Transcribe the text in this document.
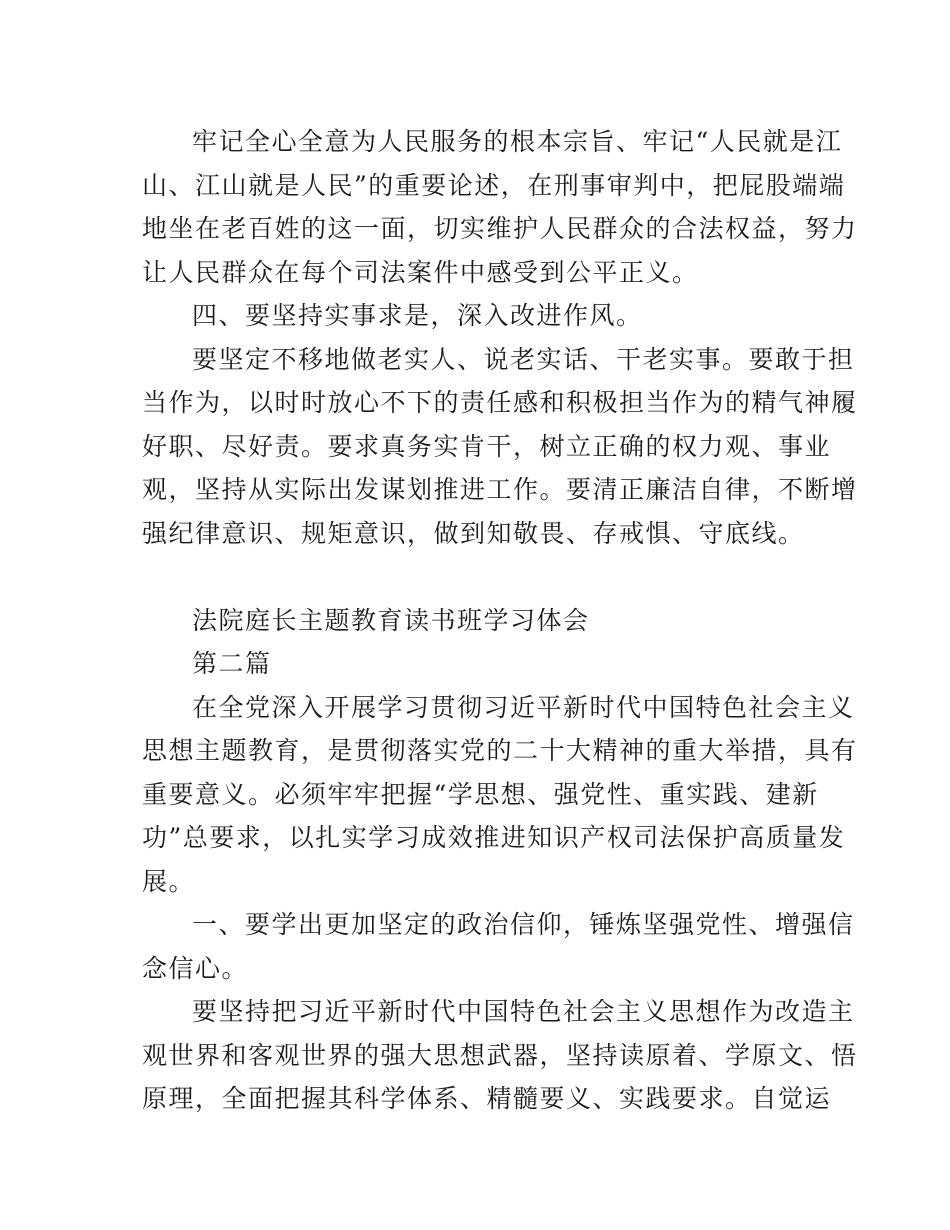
牢记全心全意为人民服务的根本宗旨、牢记“人民就是江
山、江山就是人民”的重要论述，在刑事审判中，把屁股端端
地坐在老百姓的这一面，切实维护人民群众的合法权益，努力
让人民群众在每个司法案件中感受到公平正义。
四、要坚持实事求是，深入改进作风。
要坚定不移地做老实人、说老实话、干老实事。要敢于担
当作为，以时时放心不下的责任感和积极担当作为的精气神履
好职、尽好责。要求真务实肯干，树立正确的权力观、事业
观，坚持从实际出发谋划推进工作。要清正廉洁自律，不断增
强纪律意识、规矩意识，做到知敬畏、存戒惧、守底线。
法院庭长主题教育读书班学习体会
第二篇
在全党深入开展学习贯彻习近平新时代中国特色社会主义
思想主题教育，是贯彻落实党的二十大精神的重大举措，具有
重要意义。必须牢牢把握“学思想、强党性、重实践、建新
功”总要求，以扎实学习成效推进知识产权司法保护高质量发
展。
一、要学出更加坚定的政治信仰，锤炼坚强党性、增强信
念信心。
要坚持把习近平新时代中国特色社会主义思想作为改造主
观世界和客观世界的强大思想武器，坚持读原着、学原文、悟
原理，全面把握其科学体系、精髓要义、实践要求。自觉运
